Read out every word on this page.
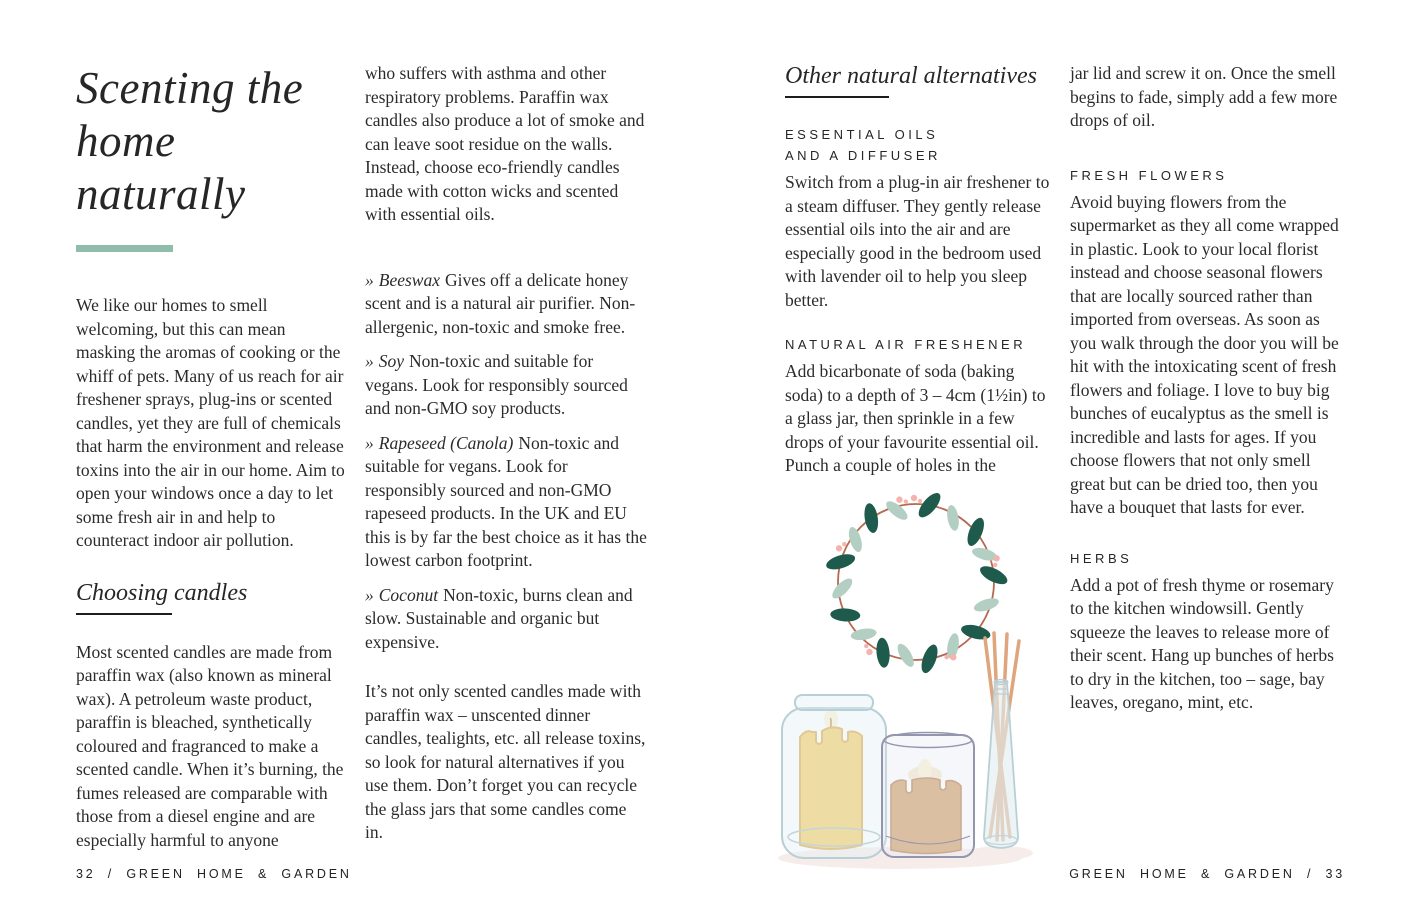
Scenting the
home naturally

We like our homes to smell welcoming, but this can mean masking the aromas of cooking or the whiff of pets. Many of us reach for air freshener sprays, plug-ins or scented candles, yet they are full of chemicals that harm the environment and release toxins into the air in our home. Aim to open your windows once a day to let some fresh air in and help to counteract indoor air pollution.

Choosing candles

Most scented candles are made from paraffin wax (also known as mineral wax). A petroleum waste product, paraffin is bleached, synthetically coloured and fragranced to make a scented candle. When it’s burning, the fumes released are comparable with those from a diesel engine and are especially harmful to anyone

who suffers with asthma and other respiratory problems. Paraffin wax candles also produce a lot of smoke and can leave soot residue on the walls. Instead, choose eco-friendly candles made with cotton wicks and scented with essential oils.

» Beeswax Gives off a delicate honey scent and is a natural air purifier. Non-allergenic, non-toxic and smoke free.

» Soy Non-toxic and suitable for vegans. Look for responsibly sourced and non-GMO soy products.

» Rapeseed (Canola) Non-toxic and suitable for vegans. Look for responsibly sourced and non-GMO rapeseed products. In the UK and EU this is by far the best choice as it has the lowest carbon footprint.

» Coconut Non-toxic, burns clean and slow. Sustainable and organic but expensive.

It’s not only scented candles made with paraffin wax – unscented dinner candles, tealights, etc. all release toxins, so look for natural alternatives if you use them. Don’t forget you can recycle the glass jars that some candles come in.

Other natural alternatives
ESSENTIAL OILS
AND A DIFFUSER

Switch from a plug-in air freshener to a steam diffuser. They gently release essential oils into the air and are especially good in the bedroom used with lavender oil to help you sleep better.

NATURAL AIR FRESHENER

Add bicarbonate of soda (baking soda) to a depth of 3 – 4cm (1½in) to a glass jar, then sprinkle in a few drops of your favourite essential oil. Punch a couple of holes in the

jar lid and screw it on. Once the smell begins to fade, simply add a few more drops of oil.

FRESH FLOWERS

Avoid buying flowers from the supermarket as they all come wrapped in plastic. Look to your local florist instead and choose seasonal flowers that are locally sourced rather than imported from overseas. As soon as you walk through the door you will be hit with the intoxicating scent of fresh flowers and foliage. I love to buy big bunches of eucalyptus as the smell is incredible and lasts for ages. If you choose flowers that not only smell great but can be dried too, then you have a bouquet that lasts for ever.

HERBS

Add a pot of fresh thyme or rosemary to the kitchen windowsill. Gently squeeze the leaves to release more of their scent. Hang up bunches of herbs to dry in the kitchen, too – sage, bay leaves, oregano, mint, etc.

32 / GREEN HOME & GARDEN	GREEN HOME & GARDEN / 33
